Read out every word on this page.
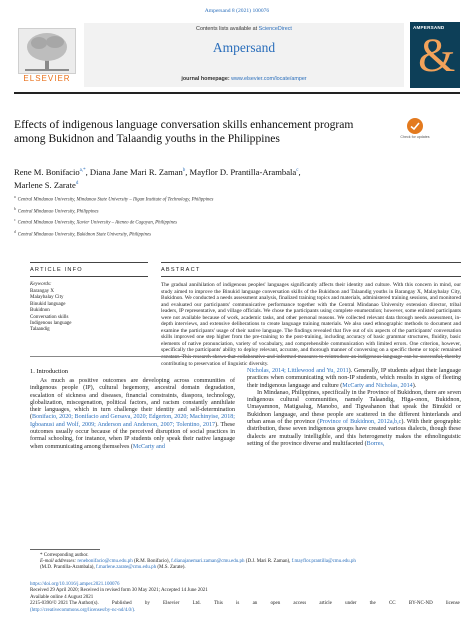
Ampersand 8 (2021) 100076
ELSEVIER
Contents lists available at ScienceDirect
Ampersand
journal homepage: www.elsevier.com/locate/amper
AMPERSAND
&
Effects of indigenous language conversation skills enhancement program among Bukidnon and Talaandig youths in the Philippines	Check for updates
Rene M. Bonifacio$^{a,*}$, Diana Jane Mari R. Zaman$^b$, Mayflor D. Prantilla-Arambala$^c$,
Marlene S. Zarate$^d$
$^a$Central Mindanao University, Mindanao State University – Iligan Institute of Technology, Philippines
$^b$Central Mindanao University, Philippines
$^c$Central Mindanao University, Xavier University – Ateneo de Cagayan, Philippines
$^d$Central Mindanao University, Bukidnon State University, Philippines
ARTICLE INFO	ABSTRACT
Keywords:
Barangay X
Malaybalay City
Binukid language
Bukidnon
Conversation skills
Indigenous language
Talaandig
The gradual annihilation of indigenous peoples' languages significantly affects their identity and culture. With this concern in mind, our study aimed to improve the Binukid language conversation skills of the Bukidnon and Talaandig youths in Barangay X, Malaybalay City, Bukidnon. We conducted a needs assessment analysis, finalized training topics and materials, administered training sessions, and monitored and evaluated our participants' communicative performance together with the Central Mindanao University extension director, tribal leaders, IP representative, and village officials. We chose the participants using complete enumeration; however, some enlisted participants were not available because of work, academic tasks, and other personal reasons. We collected relevant data through needs assessment, in-depth interviews, and extensive deliberations to create language training materials. We also used ethnographic methods to document and examine the participants' usage of their native language. The findings revealed that five out of six aspects of the participants' conversation skills improved one step higher from the pre-training to the post-training, including accuracy of basic grammar structures, fluidity, basic elements of native pronunciation, variety of vocabulary, and comprehensible communication with limited errors. One criterion, however, specifically the participants' ability to deploy relevant, accurate, and thorough manner of conversing on a specific theme or topic remained constant. This research shows that collaborative and informed measures to reintroduce an indigenous language can be successful, thereby contributing to preservation of linguistic diversity.
1. Introduction

As much as positive outcomes are developing across communities of indigenous people (IP), cultural hegemony, ancestral domain degradation, escalation of sickness and diseases, financial constraints, diaspora, technology, globalization, miscegenation, political factors, and racism constantly annihilate their languages, which in turn challenge their identity and self-determination (Bonifacio, 2020; Bonifacio and Gersava, 2020; Edgerton, 2020; Machinyise, 2018; Igboanusi and Wolf, 2009; Anderson and Anderson, 2007; Tolentino, 2017). These outcomes usually occur because of the perceived disruption of social practices in formal schooling, for instance, when IP students only speak their native language when communicating among themselves (McCarty and

Nicholas, 2014; Littlewood and Yu, 2011). Generally, IP students adjust their language practices when communicating with non-IP students, which results in signs of fleeting their indigenous language and culture (McCarty and Nicholas, 2014).

In Mindanao, Philippines, specifically in the Province of Bukidnon, there are seven indigenous cultural communities, namely Talaandig, Higa-onon, Bukidnon, Umayamnon, Matigsalug, Manobo, and Tigwahanon that speak the Binukid or Bukidnon language, and these people are scattered in the different hinterlands and urban areas of the province (Province of Bukidnon, 2012a,b,c). With their geographic distribution, these seven indigenous groups have created various dialects, though these dialects are mutually intelligible, and this heterogeneity makes the ethnolinguistic setting of the province diverse and multifaceted (Borres,

* Corresponding author.
E-mail addresses: renebonifacio@cmu.edu.ph (R.M. Bonifacio), f.dianajanemari.zaman@cmu.edu.ph (D.J. Mari R. Zaman), f.mayflor.prantilla@cmu.edu.ph
(M.D. Prantilla-Arambala), f.marlene.zarate@cmu.edu.ph (M.S. Zarate).
https://doi.org/10.1016/j.amper.2021.100076
Received 29 April 2020; Received in revised form 30 May 2021; Accepted 14 June 2021
Available online 4 August 2021
2215-0390/© 2021 The Author(s).	Published	by	Elsevier	Ltd.	This	is	an	open	access	article	under	the	CC	BY-NC-ND	license
(http://creativecommons.org/licenses/by-nc-nd/4.0/).
